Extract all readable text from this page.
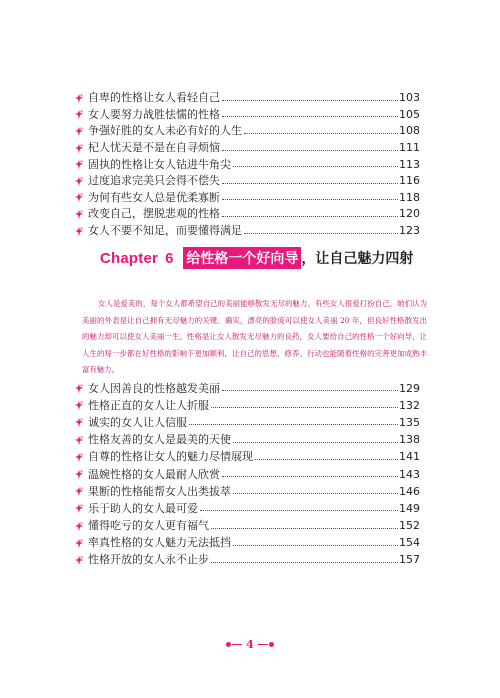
自卑的性格让女人看轻自己	103
女人要努力战胜怯懦的性格	105
争强好胜的女人未必有好的人生	108
杞人忧天是不是在自寻烦恼	111
固执的性格让女人钻进牛角尖	113
过度追求完美只会得不偿失	116
为何有些女人总是优柔寡断	118
改变自己，摆脱悲观的性格	120
女人不要不知足，而要懂得满足	123
Chapter 6 给性格一个好向导 ，让自己魅力四射

女人是爱美的，每个女人都希望自己的美丽能够散发无尽的魅力。有些女人很爱打扮自己，她们认为美丽的外表是让自己拥有无尽魅力的关键。确实，漂亮的脸庞可以使女人美丽 20 年，但良好性格散发出的魅力却可以使女人美丽一生。性格是让女人散发无尽魅力的良药，女人要给自己的性格一个好向导，让人生的每一步都在好性格的影响下更加顺利，让自己的思想、修养、行动也能随着性格的完善更加成熟丰富有魅力。

女人因善良的性格越发美丽	129
性格正直的女人让人折服	132
诚实的女人让人信服	135
性格友善的女人是最美的天使	138
自尊的性格让女人的魅力尽情展现	141
温婉性格的女人最耐人欣赏	143
果断的性格能帮女人出类拔萃	146
乐于助人的女人最可爱	149
懂得吃亏的女人更有福气	152
率真性格的女人魅力无法抵挡	154
性格开放的女人永不止步	157
4
